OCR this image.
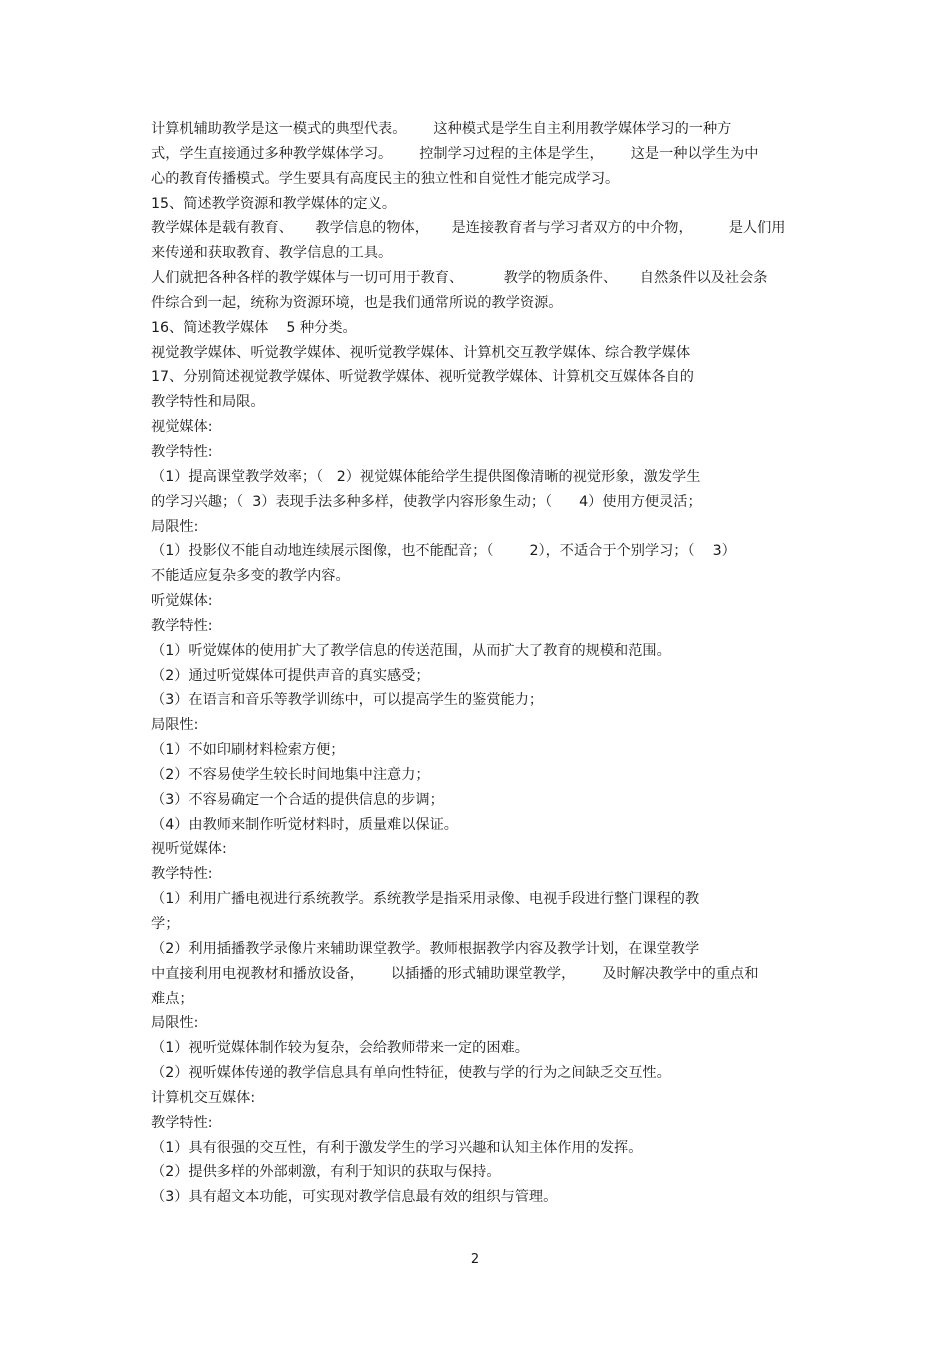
计算机辅助教学是这一模式的典型代表。      这种模式是学生自主利用教学媒体学习的一种方
式，学生直接通过多种教学媒体学习。      控制学习过程的主体是学生，      这是一种以学生为中
心的教育传播模式。学生要具有高度民主的独立性和自觉性才能完成学习。
15、简述教学资源和教学媒体的定义。
教学媒体是载有教育、     教学信息的物体，     是连接教育者与学习者双方的中介物，        是人们用
来传递和获取教育、教学信息的工具。
人们就把各种各样的教学媒体与一切可用于教育、         教学的物质条件、     自然条件以及社会条
件综合到一起，统称为资源环境，也是我们通常所说的教学资源。
16、简述教学媒体    5 种分类。
视觉教学媒体、听觉教学媒体、视听觉教学媒体、计算机交互教学媒体、综合教学媒体
17、分别简述视觉教学媒体、听觉教学媒体、视听觉教学媒体、计算机交互媒体各自的
教学特性和局限。
视觉媒体:
教学特性:
（1）提高课堂教学效率；（   2）视觉媒体能给学生提供图像清晰的视觉形象，激发学生
的学习兴趣；（  3）表现手法多种多样，使教学内容形象生动；（      4）使用方便灵活；
局限性:
（1）投影仪不能自动地连续展示图像，也不能配音；（        2），不适合于个别学习；（    3）
不能适应复杂多变的教学内容。
听觉媒体:
教学特性:
（1）听觉媒体的使用扩大了教学信息的传送范围，从而扩大了教育的规模和范围。
（2）通过听觉媒体可提供声音的真实感受；
（3）在语言和音乐等教学训练中，可以提高学生的鉴赏能力；
局限性:
（1）不如印刷材料检索方便；
（2）不容易使学生较长时间地集中注意力；
（3）不容易确定一个合适的提供信息的步调；
（4）由教师来制作听觉材料时，质量难以保证。
视听觉媒体:
教学特性:
（1）利用广播电视进行系统教学。系统教学是指采用录像、电视手段进行整门课程的教
学；
（2）利用插播教学录像片来辅助课堂教学。教师根据教学内容及教学计划，在课堂教学
中直接利用电视教材和播放设备，      以插播的形式辅助课堂教学，      及时解决教学中的重点和
难点；
局限性:
（1）视听觉媒体制作较为复杂，会给教师带来一定的困难。
（2）视听媒体传递的教学信息具有单向性特征，使教与学的行为之间缺乏交互性。
计算机交互媒体:
教学特性:
（1）具有很强的交互性，有利于激发学生的学习兴趣和认知主体作用的发挥。
（2）提供多样的外部刺激，有利于知识的获取与保持。
（3）具有超文本功能，可实现对教学信息最有效的组织与管理。
2
